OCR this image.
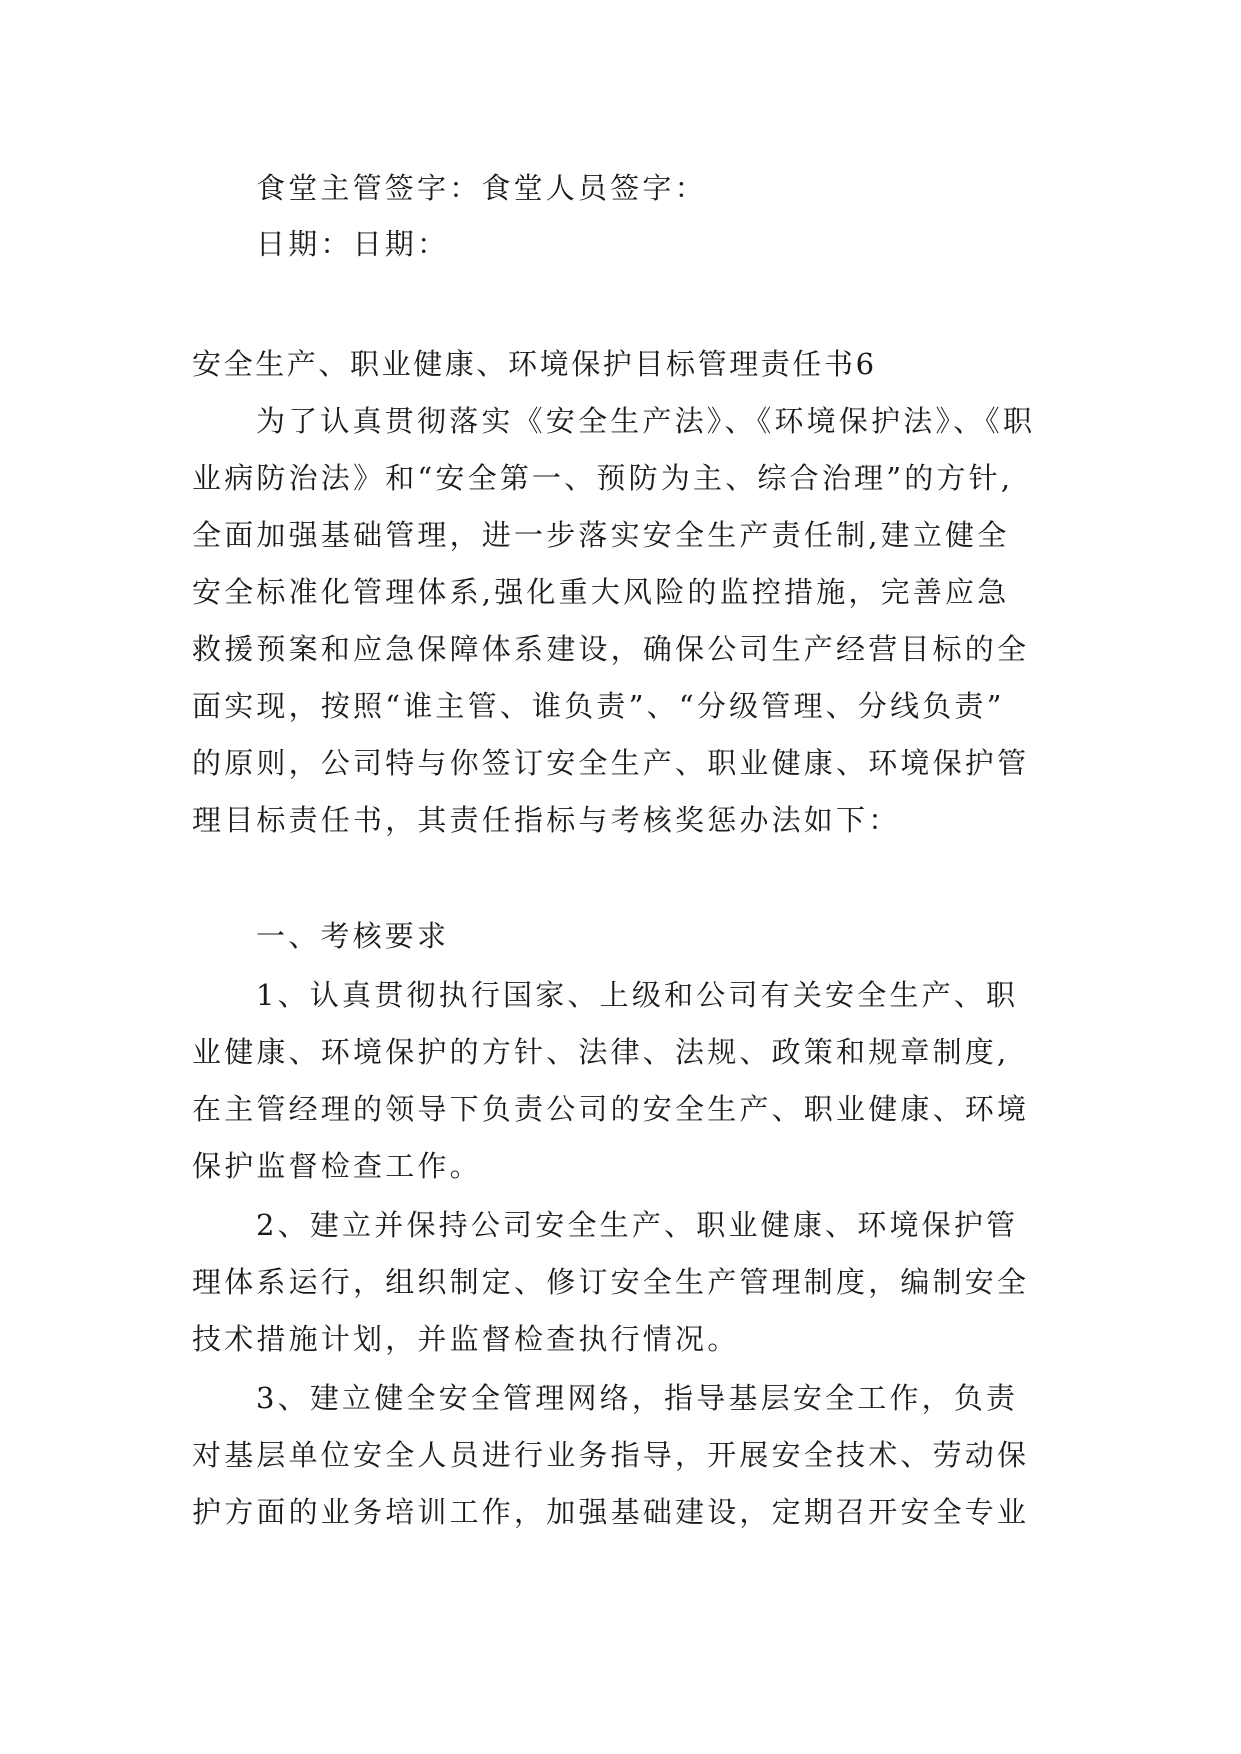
食堂主管签字：食堂人员签字：
日期：日期：
安全生产、职业健康、环境保护目标管理责任书6
为了认真贯彻落实《安全生产法》、《环境保护法》、《职
业病防治法》和“安全第一、预防为主、综合治理”的方针,
全面加强基础管理，进一步落实安全生产责任制,建立健全
安全标准化管理体系,强化重大风险的监控措施，完善应急
救援预案和应急保障体系建设，确保公司生产经营目标的全
面实现，按照“谁主管、谁负责”、“分级管理、分线负责”
的原则，公司特与你签订安全生产、职业健康、环境保护管
理目标责任书，其责任指标与考核奖惩办法如下：
一、考核要求
1、认真贯彻执行国家、上级和公司有关安全生产、职
业健康、环境保护的方针、法律、法规、政策和规章制度,
在主管经理的领导下负责公司的安全生产、职业健康、环境
保护监督检查工作。
2、建立并保持公司安全生产、职业健康、环境保护管
理体系运行，组织制定、修订安全生产管理制度，编制安全
技术措施计划，并监督检查执行情况。
3、建立健全安全管理网络，指导基层安全工作，负责
对基层单位安全人员进行业务指导，开展安全技术、劳动保
护方面的业务培训工作，加强基础建设，定期召开安全专业
